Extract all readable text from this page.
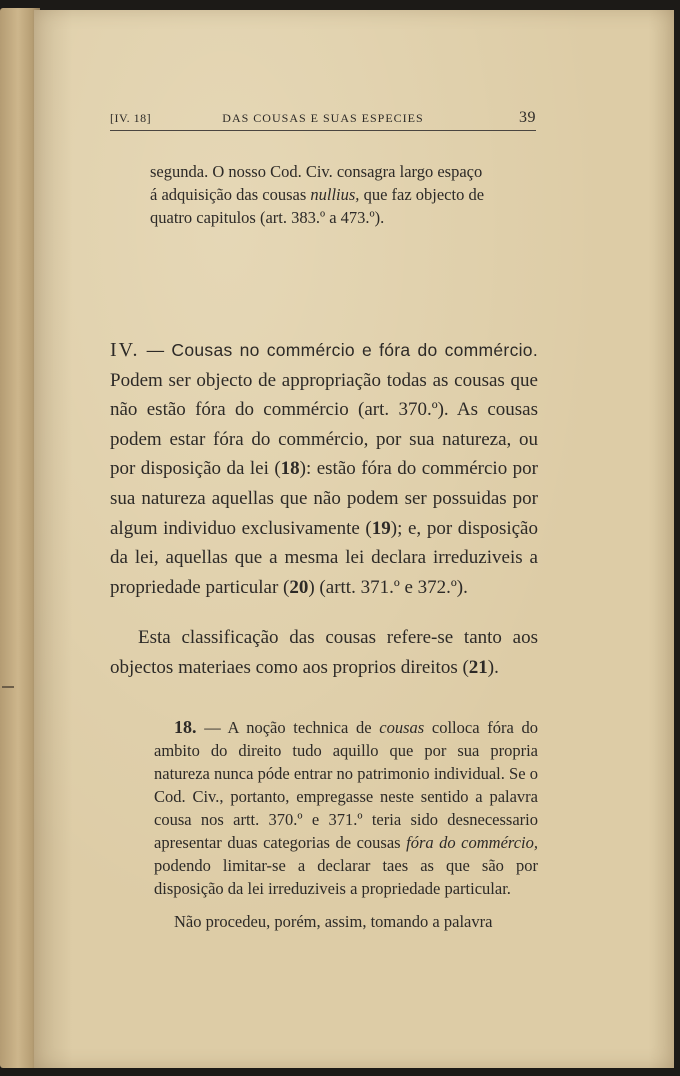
[IV. 18]	DAS COUSAS E SUAS ESPECIES	39
segunda. O nosso Cod. Civ. consagra largo espaço
á adquisição das cousas nullius, que faz objecto de
quatro capitulos (art. 383.º a 473.º).
IV. — Cousas no commércio e fóra do commércio. Podem ser objecto de appropriação todas as cousas que não estão fóra do commércio (art. 370.º). As cousas podem estar fóra do commércio, por sua natureza, ou por disposição da lei (18): estão fóra do commércio por sua natureza aquellas que não podem ser possuidas por algum individuo exclusivamente (19); e, por disposição da lei, aquellas que a mesma lei declara irreduziveis a propriedade particular (20) (artt. 371.º e 372.º).
Esta classificação das cousas refere-se tanto aos objectos materiaes como aos proprios direitos (21).
18. — A noção technica de cousas colloca fóra do ambito do direito tudo aquillo que por sua propria natureza nunca póde entrar no patrimonio individual. Se o Cod. Civ., portanto, empregasse neste sentido a palavra cousa nos artt. 370.º e 371.º teria sido desnecessario apresentar duas categorias de cousas fóra do commércio, podendo limitar-se a declarar taes as que são por disposição da lei irreduziveis a propriedade particular.
Não procedeu, porém, assim, tomando a palavra
